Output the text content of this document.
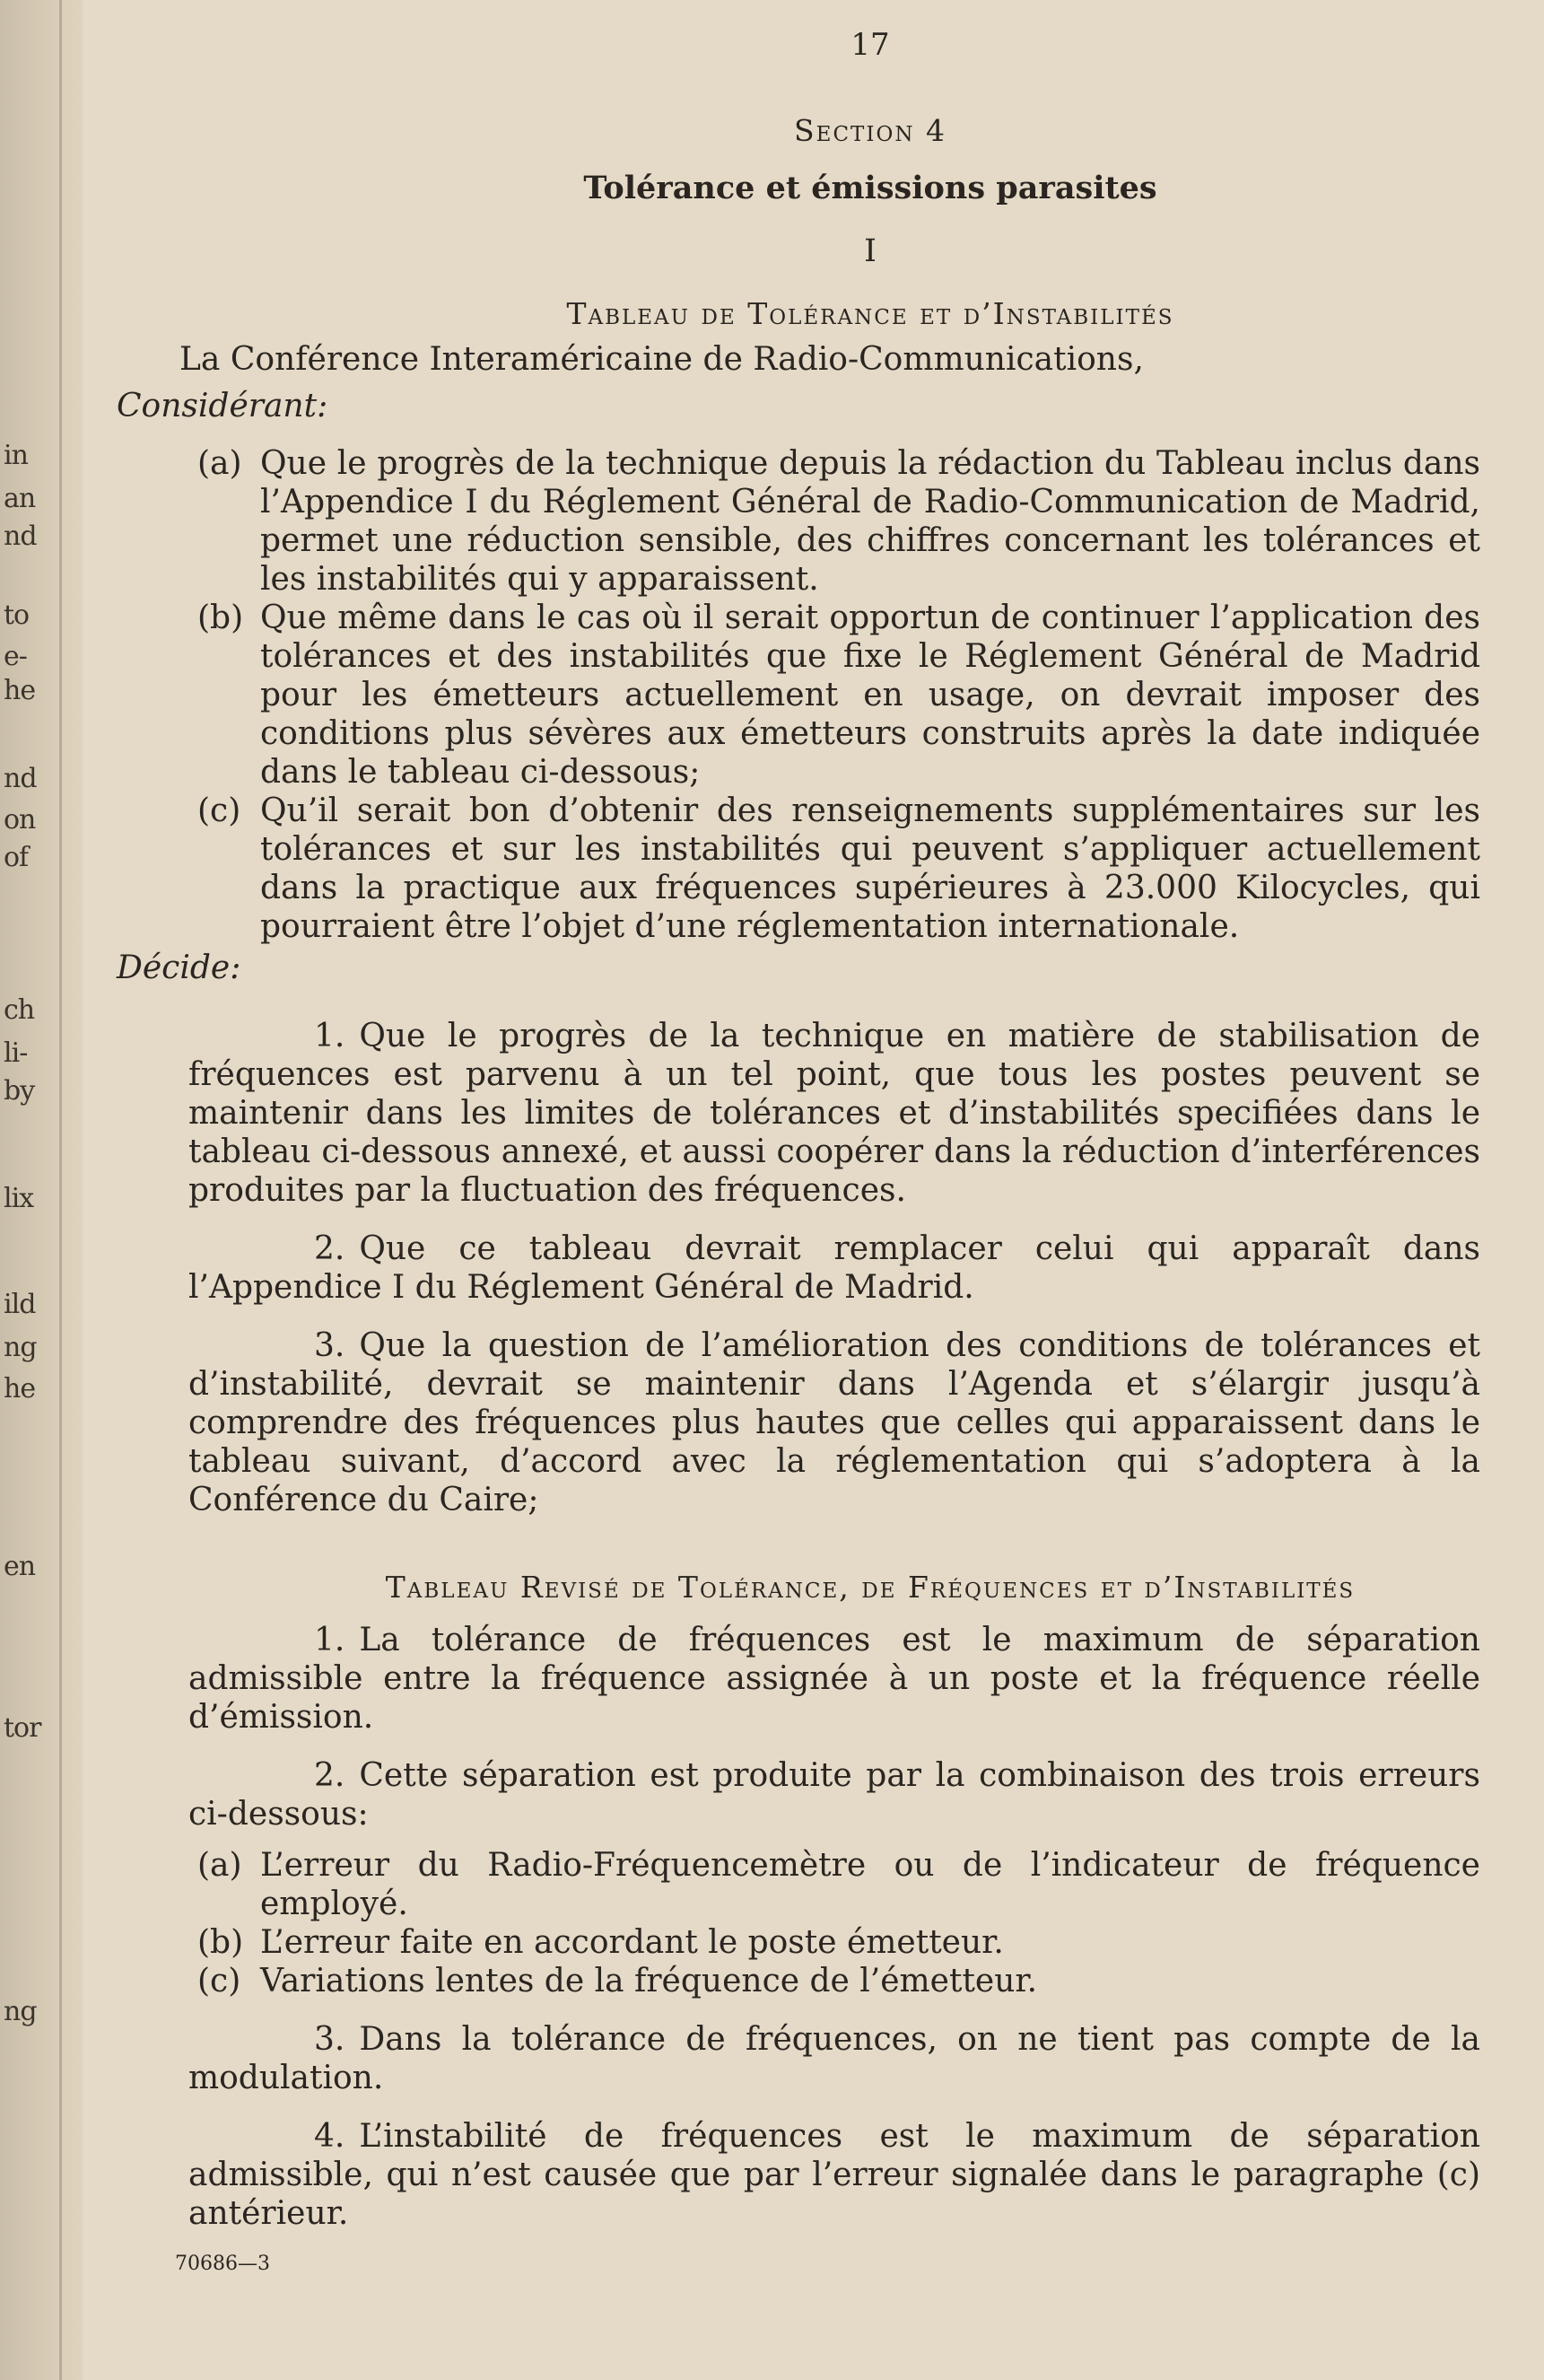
in
an
nd
to
e-
he
nd
on
of
ch
li-
by
lix
ild
ng
he
en
tor
ng
17
Section 4
Tolérance et émissions parasites
I
Tableau de Tolérance et d’Instabilités

La Conférence Interaméricaine de Radio-Communications,

Considérant:

(a) Que le progrès de la technique depuis la rédaction du Tableau inclus dans l’Appendice I du Réglement Général de Radio-Communication de Madrid, permet une réduction sensible, des chiffres concernant les tolérances et les instabilités qui y apparaissent.

(b) Que même dans le cas où il serait opportun de continuer l’application des tolérances et des instabilités que fixe le Réglement Général de Madrid pour les émetteurs actuellement en usage, on devrait imposer des conditions plus sévères aux émetteurs construits après la date indiquée dans le tableau ci-dessous;

(c) Qu’il serait bon d’obtenir des renseignements supplémentaires sur les tolérances et sur les instabilités qui peuvent s’appliquer actuellement dans la practique aux fréquences supérieures à 23.000 Kilocycles, qui pourraient être l’objet d’une réglementation internationale.

Décide:

1. Que le progrès de la technique en matière de stabilisation de fréquences est parvenu à un tel point, que tous les postes peuvent se maintenir dans les limites de tolérances et d’instabilités specifiées dans le tableau ci-dessous annexé, et aussi coopérer dans la réduction d’interférences produites par la fluctuation des fréquences.

2. Que ce tableau devrait remplacer celui qui apparaît dans l’Appendice I du Réglement Général de Madrid.

3. Que la question de l’amélioration des conditions de tolérances et d’instabilité, devrait se maintenir dans l’Agenda et s’élargir jusqu’à comprendre des fréquences plus hautes que celles qui apparaissent dans le tableau suivant, d’accord avec la réglementation qui s’adoptera à la Conférence du Caire;

Tableau Revisé de Tolérance, de Fréquences et d’Instabilités

1. La tolérance de fréquences est le maximum de séparation admissible entre la fréquence assignée à un poste et la fréquence réelle d’émission.

2. Cette séparation est produite par la combinaison des trois erreurs ci-dessous:

(a) L’erreur du Radio-Fréquencemètre ou de l’indicateur de fréquence employé.

(b) L’erreur faite en accordant le poste émetteur.

(c) Variations lentes de la fréquence de l’émetteur.

3. Dans la tolérance de fréquences, on ne tient pas compte de la modulation.

4. L’instabilité de fréquences est le maximum de séparation admissible, qui n’est causée que par l’erreur signalée dans le paragraphe (c) antérieur.

70686—3
